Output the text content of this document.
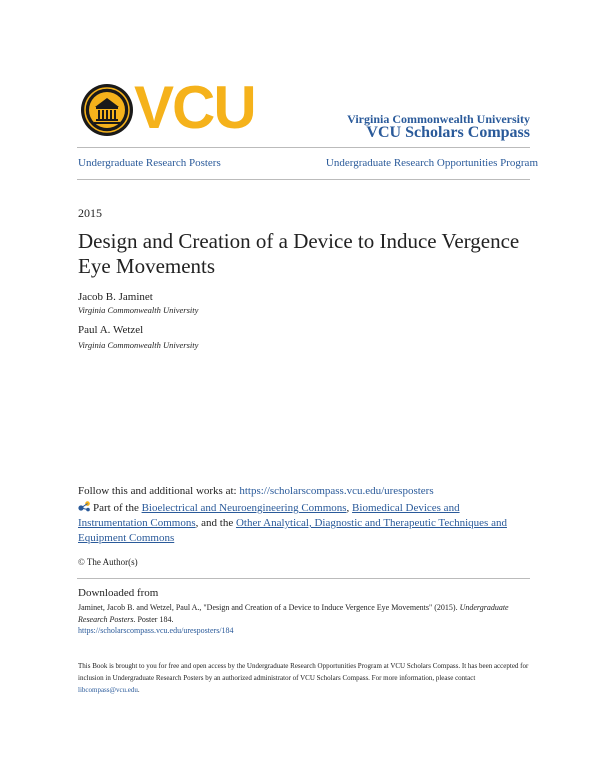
VCU	Virginia Commonwealth University
VCU Scholars Compass
Undergraduate Research Posters	Undergraduate Research Opportunities Program
2015
Design and Creation of a Device to Induce Vergence Eye Movements
Jacob B. Jaminet
Virginia Commonwealth University
Paul A. Wetzel
Virginia Commonwealth University
Follow this and additional works at: https://scholarscompass.vcu.edu/uresposters
Part of the Bioelectrical and Neuroengineering Commons, Biomedical Devices and Instrumentation Commons, and the Other Analytical, Diagnostic and Therapeutic Techniques and Equipment Commons
© The Author(s)
Downloaded from
Jaminet, Jacob B. and Wetzel, Paul A., "Design and Creation of a Device to Induce Vergence Eye Movements" (2015). Undergraduate Research Posters. Poster 184.
https://scholarscompass.vcu.edu/uresposters/184
This Book is brought to you for free and open access by the Undergraduate Research Opportunities Program at VCU Scholars Compass. It has been accepted for inclusion in Undergraduate Research Posters by an authorized administrator of VCU Scholars Compass. For more information, please contact libcompass@vcu.edu.
